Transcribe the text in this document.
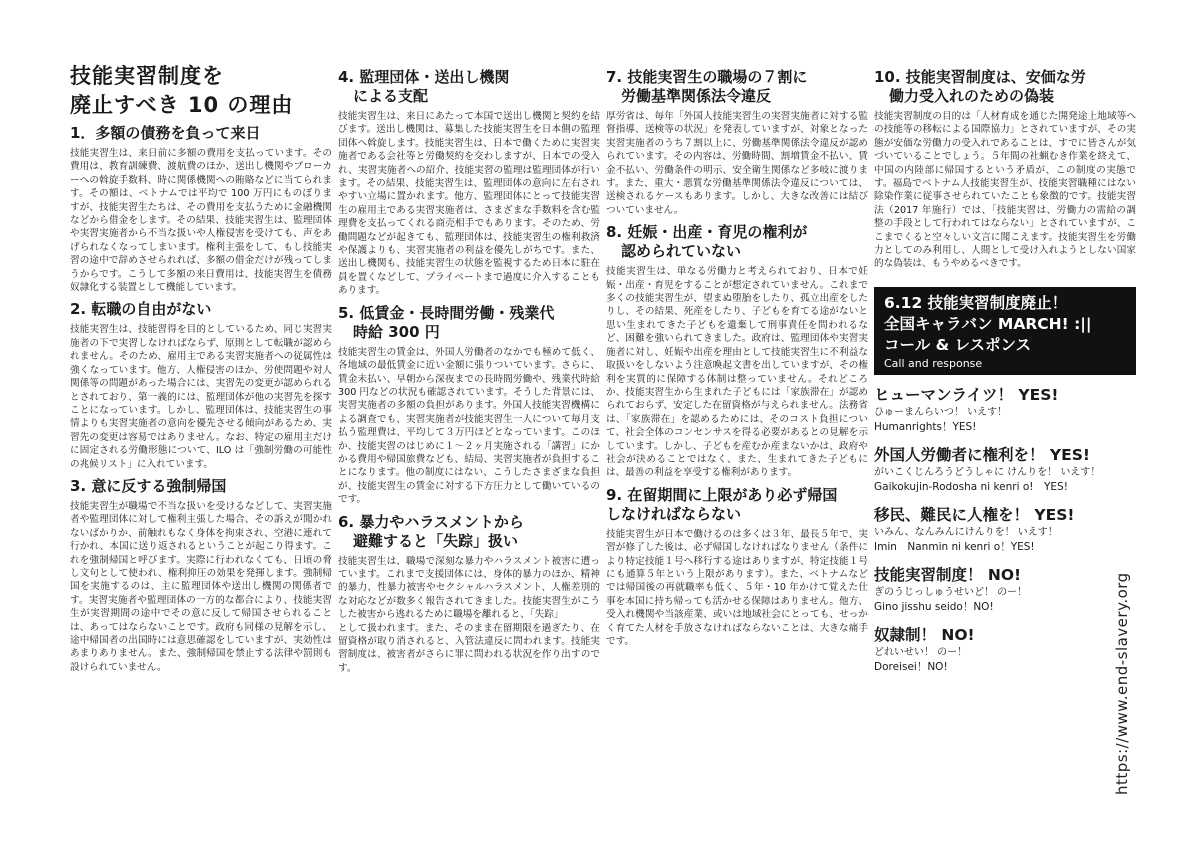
技能実習制度を
廃止すべき 10 の理由
1．多額の債務を負って来日

技能実習生は、来日前に多額の費用を支払っています。その費用は、教育訓練費、渡航費のほか、送出し機関やブローカーへの斡旋手数料、時に関係機関への賄賂などに当てられます。その額は、ベトナムでは平均で 100 万円にものぼりますが、技能実習生たちは、その費用を支払うために金融機関などから借金をします。その結果、技能実習生は、監理団体や実習実施者から不当な扱いや人権侵害を受けても、声をあげられなくなってしまいます。権利主張をして、もし技能実習の途中で辞めさせられれば、多額の借金だけが残ってしまうからです。こうして多額の来日費用は、技能実習生を債務奴隷化する装置として機能しています。

2. 転職の自由がない

技能実習生は、技能習得を目的としているため、同じ実習実施者の下で実習しなければならず、原則として転職が認められません。そのため、雇用主である実習実施者への従属性は強くなっています。他方、人権侵害のほか、労使問題や対人関係等の問題があった場合には、実習先の変更が認められるとされており、第一義的には、監理団体が他の実習先を探すことになっています。しかし、監理団体は、技能実習生の事情よりも実習実施者の意向を優先させる傾向があるため、実習先の変更は容易ではありません。なお、特定の雇用主だけに固定される労働形態について、ILO は「強制労働の可能性の兆候リスト」に入れています。

3. 意に反する強制帰国

技能実習生が職場で不当な扱いを受けるなどして、実習実施者や監理団体に対して権利主張した場合、その訴えが聞かれないばかりか、前触れもなく身体を拘束され、空港に連れて行かれ、本国に送り返されるということが起こり得ます。これを強制帰国と呼びます。実際に行われなくても、日頃の脅し文句として使われ、権利抑圧の効果を発揮します。強制帰国を実施するのは、主に監理団体や送出し機関の関係者です。実習実施者や監理団体の一方的な都合により、技能実習生が実習期間の途中でその意に反して帰国させられることは、あってはならないことです。政府も同様の見解を示し、途中帰国者の出国時には意思確認をしていますが、実効性はあまりありません。また、強制帰国を禁止する法律や罰則も設けられていません。

4. 監理団体・送出し機関
　による支配

技能実習生は、来日にあたって本国で送出し機関と契約を結びます。送出し機関は、募集した技能実習生を日本側の監理団体へ斡旋します。技能実習生は、日本で働くために実習実施者である会社等と労働契約を交わしますが、日本での受入れ、実習実施者への紹介、技能実習の監理は監理団体が行います。その結果、技能実習生は、監理団体の意向に左右されやすい立場に置かれます。他方、監理団体にとって技能実習生の雇用主である実習実施者は、さまざまな手数料を含む監理費を支払ってくれる商売相手でもあります。そのため、労働問題などが起きても、監理団体は、技能実習生の権利救済や保護よりも、実習実施者の利益を優先しがちです。また、送出し機関も、技能実習生の状態を監視するため日本に駐在員を置くなどして、プライベートまで過度に介入することもあります。

5. 低賃金・長時間労働・残業代
　時給 300 円

技能実習生の賃金は、外国人労働者のなかでも極めて低く、各地域の最低賃金に近い金額に張りついています。さらに、賃金未払い、早朝から深夜までの長時間労働や、残業代時給 300 円などの状況も確認されています。そうした背景には、実習実施者の多額の負担があります。外国人技能実習機構による調査でも、実習実施者が技能実習生一人について毎月支払う監理費は、平均して３万円ほどとなっています。このほか、技能実習のはじめに１～２ヶ月実施される「講習」にかかる費用や帰国旅費なども、結局、実習実施者が負担することになります。他の制度にはない、こうしたさまざまな負担が、技能実習生の賃金に対する下方圧力として働いているのです。

6. 暴力やハラスメントから
　避難すると「失踪」扱い

技能実習生は、職場で深刻な暴力やハラスメント被害に遭っています。これまで支援団体には、身体的暴力のほか、精神的暴力、性暴力被害やセクシャルハラスメント、人権差別的な対応などが数多く報告されてきました。技能実習生がこうした被害から逃れるために職場を離れると、「失踪」
として扱われます。また、そのまま在留期限を過ぎたり、在留資格が取り消されると、入管法違反に問われます。技能実習制度は、被害者がさらに罪に問われる状況を作り出すのです。

7. 技能実習生の職場の７割に
　労働基準関係法令違反

厚労省は、毎年「外国人技能実習生の実習実施者に対する監督指導、送検等の状況」を発表していますが、対象となった実習実施者のうち７割以上に、労働基準関係法令違反が認められています。その内容は、労働時間、割増賃金不払い、賃金不払い、労働条件の明示、安全衛生関係など多岐に渡ります。また、重大・悪質な労働基準関係法令違反については、送検されるケースもあります。しかし、大きな改善には結びついていません。

8. 妊娠・出産・育児の権利が
　認められていない

技能実習生は、単なる労働力と考えられており、日本で妊娠・出産・育児をすることが想定されていません。これまで多くの技能実習生が、望まぬ堕胎をしたり、孤立出産をしたりし、その結果、死産をしたり、子どもを育てる途がないと思い生まれてきた子どもを遺棄して刑事責任を問われるなど、困難を強いられてきました。政府は、監理団体や実習実施者に対し、妊娠や出産を理由として技能実習生に不利益な取扱いをしないよう注意喚起文書を出していますが、その権利を実質的に保障する体制は整っていません。それどころか、技能実習生から生まれた子どもには「家族滞在」が認められておらず、安定した在留資格が与えられません。法務省は、「家族滞在」を認めるためには、そのコスト負担について、社会全体のコンセンサスを得る必要があるとの見解を示しています。しかし、子どもを産むか産まないかは、政府や社会が決めることではなく、また、生まれてきた子どもには、最善の利益を享受する権利があります。

9. 在留期間に上限があり必ず帰国
しなければならない

技能実習生が日本で働けるのは多くは３年、最長５年で、実習が修了した後は、必ず帰国しなければなりません（条件により特定技能１号へ移行する途はありますが、特定技能１号にも通算５年という上限があります）。また、ベトナムなどでは帰国後の再就職率も低く、５年・10 年かけて覚えた仕事を本国に持ち帰っても活かせる保障はありません。他方、受入れ機関や当該産業、或いは地域社会にとっても、せっかく育てた人材を手放さなければならないことは、大きな痛手です。

10. 技能実習制度は、安価な労
　働力受入れのための偽装

技能実習制度の目的は「人材育成を通じた開発途上地域等への技能等の移転による国際協力」とされていますが、その実態が安価な労働力の受入れであることは、すでに皆さんが気づいていることでしょう。５年間の社蝋むき作業を終えて、中国の内陸部に帰国するという矛盾が、この制度の実態です。福島でベトナム人技能実習生が、技能実習職種にはない除染作業に従事させられていたことも象徴的です。技能実習法（2017 年施行）では、「技能実習は、労働力の需給の調整の手段として行われてはならない」とされていますが、ここまでくると空々しい文言に聞こえます。技能実習生を労働力としてのみ利用し、人間として受け入れようとしない国家的な偽装は、もうやめるべきです。

6.12 技能実習制度廃止！
全国キャラバン MARCH! :||
コール & レスポンス
Call and response
ヒューマンライツ！ YES!
ひゅーまんらいつ！ いえす！
Humanrights！YES!
外国人労働者に権利を！ YES!
がいこくじんろうどうしゃに けんりを！ いえす！
Gaikokujin-Rodosha ni kenri o!　YES!
移民、難民に人権を！ YES!
いみん、なんみんにけんりを！ いえす！
Imin　Nanmin ni kenri o！YES!
技能実習制度！ NO!
ぎのうじっしゅうせいど！ のー！
Gino jisshu seido！NO!
奴隷制！ NO!
どれいせい！ のー！
Doreisei！NO!	https://www.end-slavery.org
